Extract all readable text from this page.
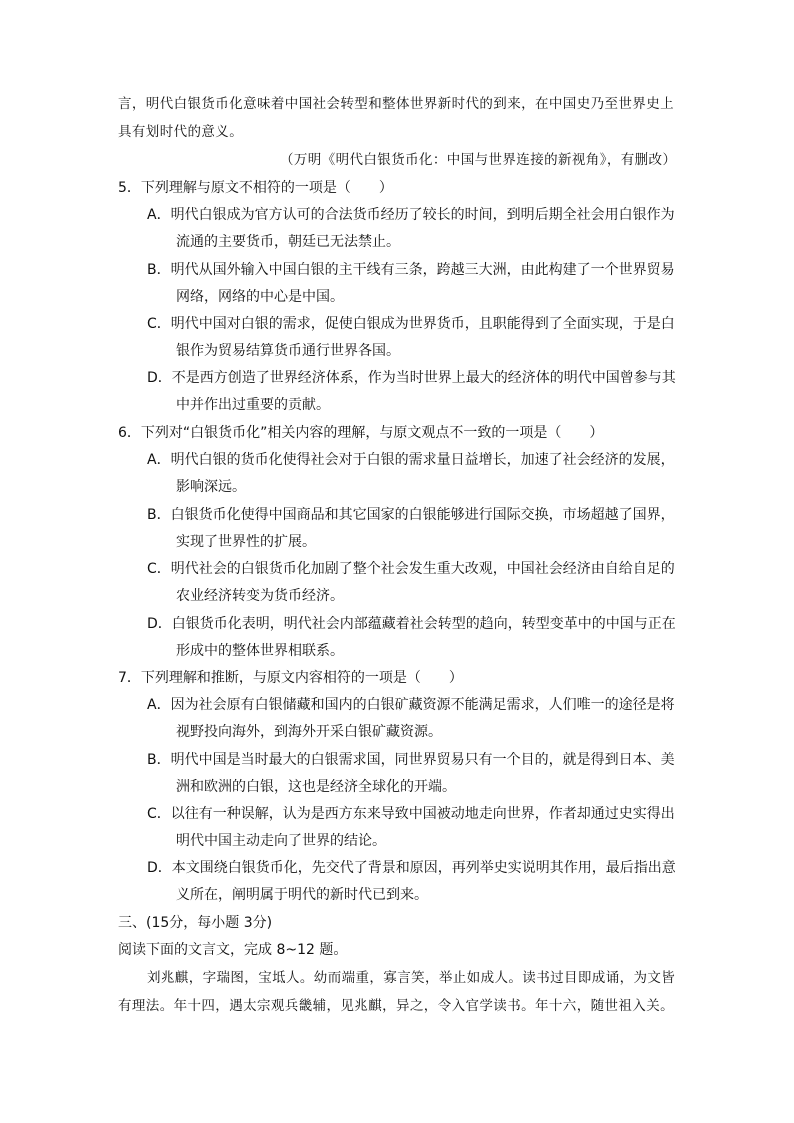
言，明代白银货币化意味着中国社会转型和整体世界新时代的到来，在中国史乃至世界史上
具有划时代的意义。
（万明《明代白银货币化：中国与世界连接的新视角》，有删改）
5．下列理解与原文不相符的一项是（　　）
A．明代白银成为官方认可的合法货币经历了较长的时间，到明后期全社会用白银作为
流通的主要货币，朝廷已无法禁止。
B．明代从国外输入中国白银的主干线有三条，跨越三大洲，由此构建了一个世界贸易
网络，网络的中心是中国。
C．明代中国对白银的需求，促使白银成为世界货币，且职能得到了全面实现，于是白
银作为贸易结算货币通行世界各国。
D．不是西方创造了世界经济体系，作为当时世界上最大的经济体的明代中国曾参与其
中并作出过重要的贡献。
6．下列对“白银货币化”相关内容的理解，与原文观点不一致的一项是（　　）
A．明代白银的货币化使得社会对于白银的需求量日益增长，加速了社会经济的发展，
影响深远。
B．白银货币化使得中国商品和其它国家的白银能够进行国际交换，市场超越了国界，
实现了世界性的扩展。
C．明代社会的白银货币化加剧了整个社会发生重大改观，中国社会经济由自给自足的
农业经济转变为货币经济。
D．白银货币化表明，明代社会内部蕴藏着社会转型的趋向，转型变革中的中国与正在
形成中的整体世界相联系。
7．下列理解和推断，与原文内容相符的一项是（　　）
A．因为社会原有白银储藏和国内的白银矿藏资源不能满足需求，人们唯一的途径是将
视野投向海外，到海外开采白银矿藏资源。
B．明代中国是当时最大的白银需求国，同世界贸易只有一个目的，就是得到日本、美
洲和欧洲的白银，这也是经济全球化的开端。
C．以往有一种误解，认为是西方东来导致中国被动地走向世界，作者却通过史实得出
明代中国主动走向了世界的结论。
D．本文围绕白银货币化，先交代了背景和原因，再列举史实说明其作用，最后指出意
义所在，阐明属于明代的新时代已到来。
三、(15分，每小题 3分)
阅读下面的文言文，完成 8~12 题。
刘兆麒，字瑞图，宝坻人。幼而端重，寡言笑，举止如成人。读书过目即成诵，为文皆
有理法。年十四，遇太宗观兵畿辅，见兆麒，异之，令入官学读书。年十六，随世祖入关。
